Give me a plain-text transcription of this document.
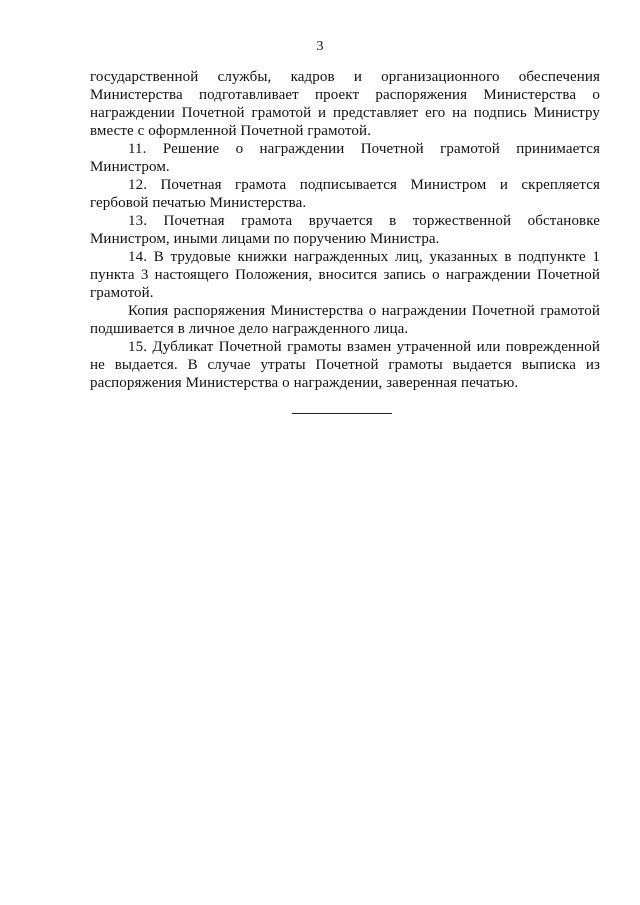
3

государственной службы, кадров и организационного обеспечения Министерства подготавливает проект распоряжения Министерства о награждении Почетной грамотой и представляет его на подпись Министру вместе с оформленной Почетной грамотой.

11. Решение о награждении Почетной грамотой принимается Министром.

12. Почетная грамота подписывается Министром и скрепляется гербовой печатью Министерства.

13. Почетная грамота вручается в торжественной обстановке Министром, иными лицами по поручению Министра.

14. В трудовые книжки награжденных лиц, указанных в подпункте 1 пункта 3 настоящего Положения, вносится запись о награждении Почетной грамотой.

Копия распоряжения Министерства о награждении Почетной грамотой подшивается в личное дело награжденного лица.

15. Дубликат Почетной грамоты взамен утраченной или поврежденной не выдается. В случае утраты Почетной грамоты выдается выписка из распоряжения Министерства о награждении, заверенная печатью.
